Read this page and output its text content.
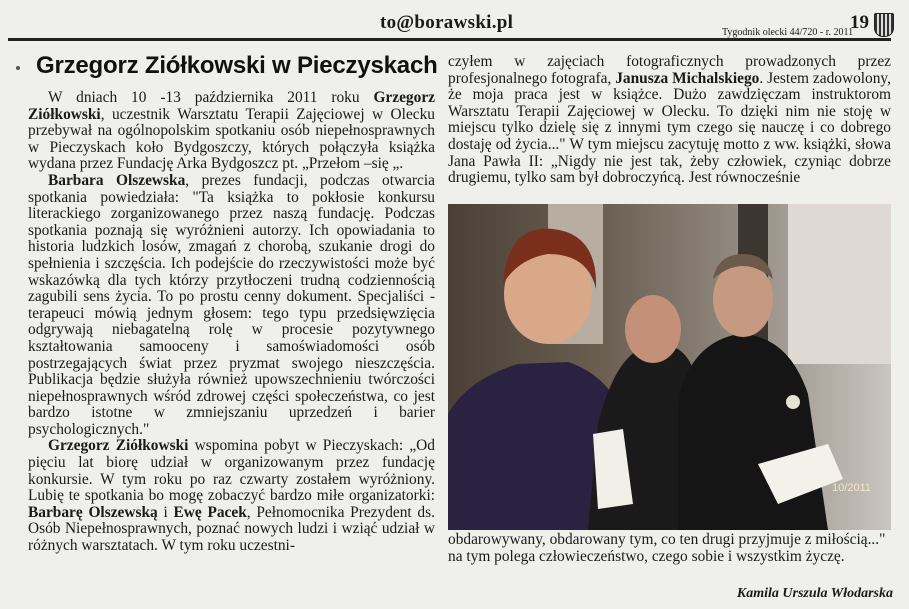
to@borawski.pl	19
Tygodnik olecki 44/720 - r. 2011
Grzegorz Ziółkowski w Pieczyskach

W dniach 10 -13 października 2011 roku Grzegorz Ziółkowski, uczestnik Warsztatu Terapii Zajęciowej w Olecku przebywał na ogólnopolskim spotkaniu osób niepełnosprawnych w Pieczyskach koło Bydgoszczy, których połączyła książka wydana przez Fundację Arka Bydgoszcz pt. „Przełom –się „.

Barbara Olszewska, prezes fundacji, podczas otwarcia spotkania powiedziała: "Ta książka to pokłosie konkursu literackiego zorganizowanego przez naszą fundację. Podczas spotkania poznają się wyróżnieni autorzy. Ich opowiadania to historia ludzkich losów, zmagań z chorobą, szukanie drogi do spełnienia i szczęścia. Ich podejście do rzeczywistości może być wskazówką dla tych którzy przytłoczeni trudną codziennością zagubili sens życia. To po prostu cenny dokument. Specjaliści - terapeuci mówią jednym głosem: tego typu przedsięwzięcia odgrywają niebagatelną rolę w procesie pozytywnego kształtowania samooceny i samoświadomości osób postrzegających świat przez pryzmat swojego nieszczęścia. Publikacja będzie służyła również upowszechnieniu twórczości niepełnosprawnych wśród zdrowej części społeczeństwa, co jest bardzo istotne w zmniejszaniu uprzedzeń i barier psychologicznych."

Grzegorz Ziółkowski wspomina pobyt w Pieczyskach: „Od pięciu lat biorę udział w organizowanym przez fundację konkursie. W tym roku po raz czwarty zostałem wyróżniony. Lubię te spotkania bo mogę zobaczyć bardzo miłe organizatorki: Barbarę Olszewską i Ewę Pacek, Pełnomocnika Prezydent ds. Osób Niepełnosprawnych, poznać nowych ludzi i wziąć udział w różnych warsztatach. W tym roku uczestni-

czyłem w zajęciach fotograficznych prowadzonych przez profesjonalnego fotografa, Janusza Michalskiego. Jestem zadowolony, że moja praca jest w książce. Dużo zawdzięczam instruktorom Warsztatu Terapii Zajęciowej w Olecku. To dzięki nim nie stoję w miejscu tylko dzielę się z innymi tym czego się nauczę i co dobrego dostaję od życia..." W tym miejscu zacytuję motto z ww. książki, słowa Jana Pawła II: „Nigdy nie jest tak, żeby człowiek, czyniąc dobrze drugiemu, tylko sam był dobroczyńcą. Jest równocześnie
10/2011
obdarowywany, obdarowany tym, co ten drugi przyjmuje z miłością..." na tym polega człowieczeństwo, czego sobie i wszystkim życzę.
Kamila Urszula Włodarska
